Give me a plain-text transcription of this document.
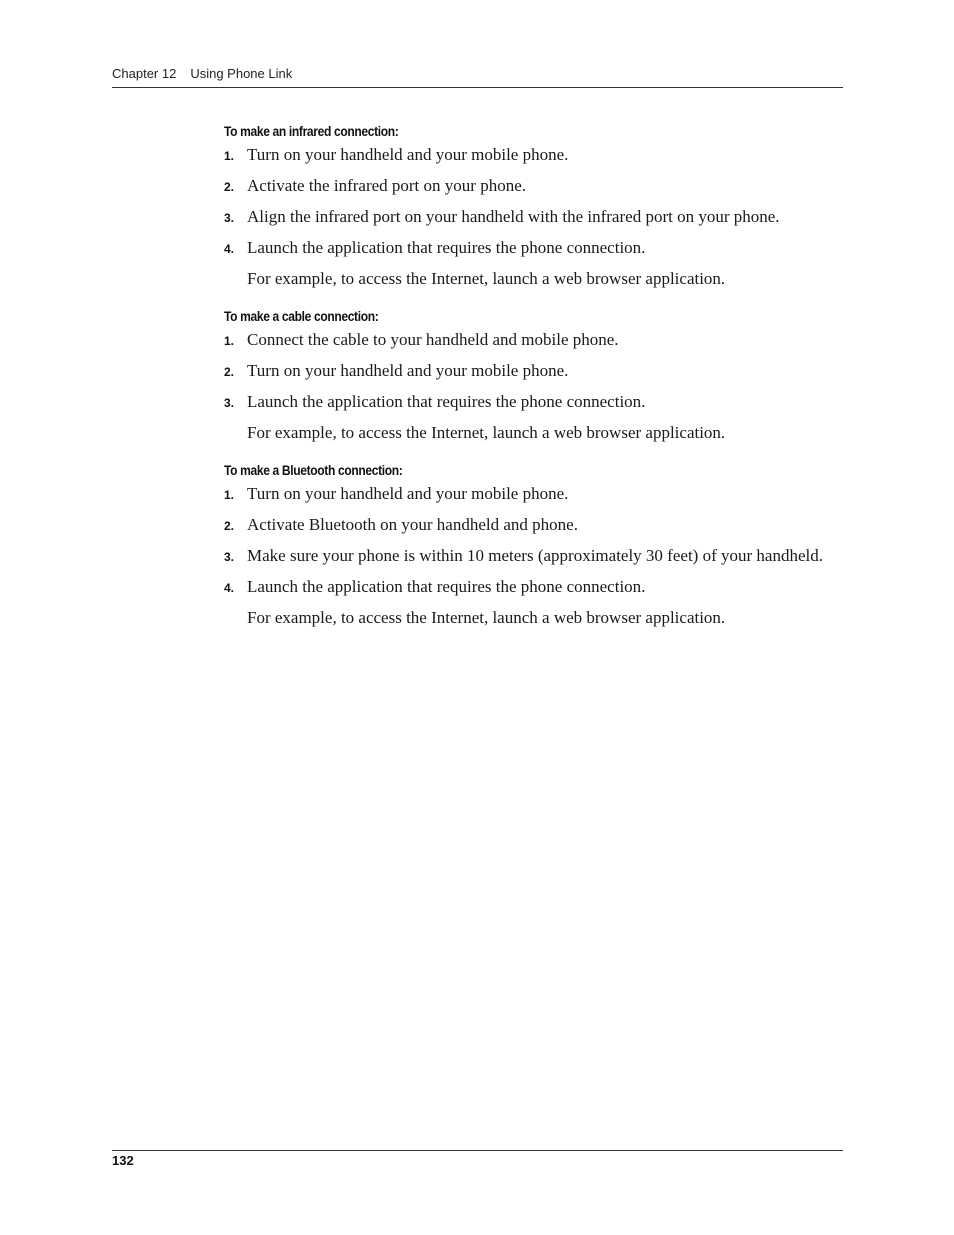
Chapter 12 Using Phone Link
To make an infrared connection:
1. Turn on your handheld and your mobile phone.
2. Activate the infrared port on your phone.
3. Align the infrared port on your handheld with the infrared port on your phone.
4. Launch the application that requires the phone connection.

For example, to access the Internet, launch a web browser application.

To make a cable connection:
1. Connect the cable to your handheld and mobile phone.
2. Turn on your handheld and your mobile phone.
3. Launch the application that requires the phone connection.

For example, to access the Internet, launch a web browser application.

To make a Bluetooth connection:
1. Turn on your handheld and your mobile phone.
2. Activate Bluetooth on your handheld and phone.
3. Make sure your phone is within 10 meters (approximately 30 feet) of your handheld.
4. Launch the application that requires the phone connection.

For example, to access the Internet, launch a web browser application.

132
